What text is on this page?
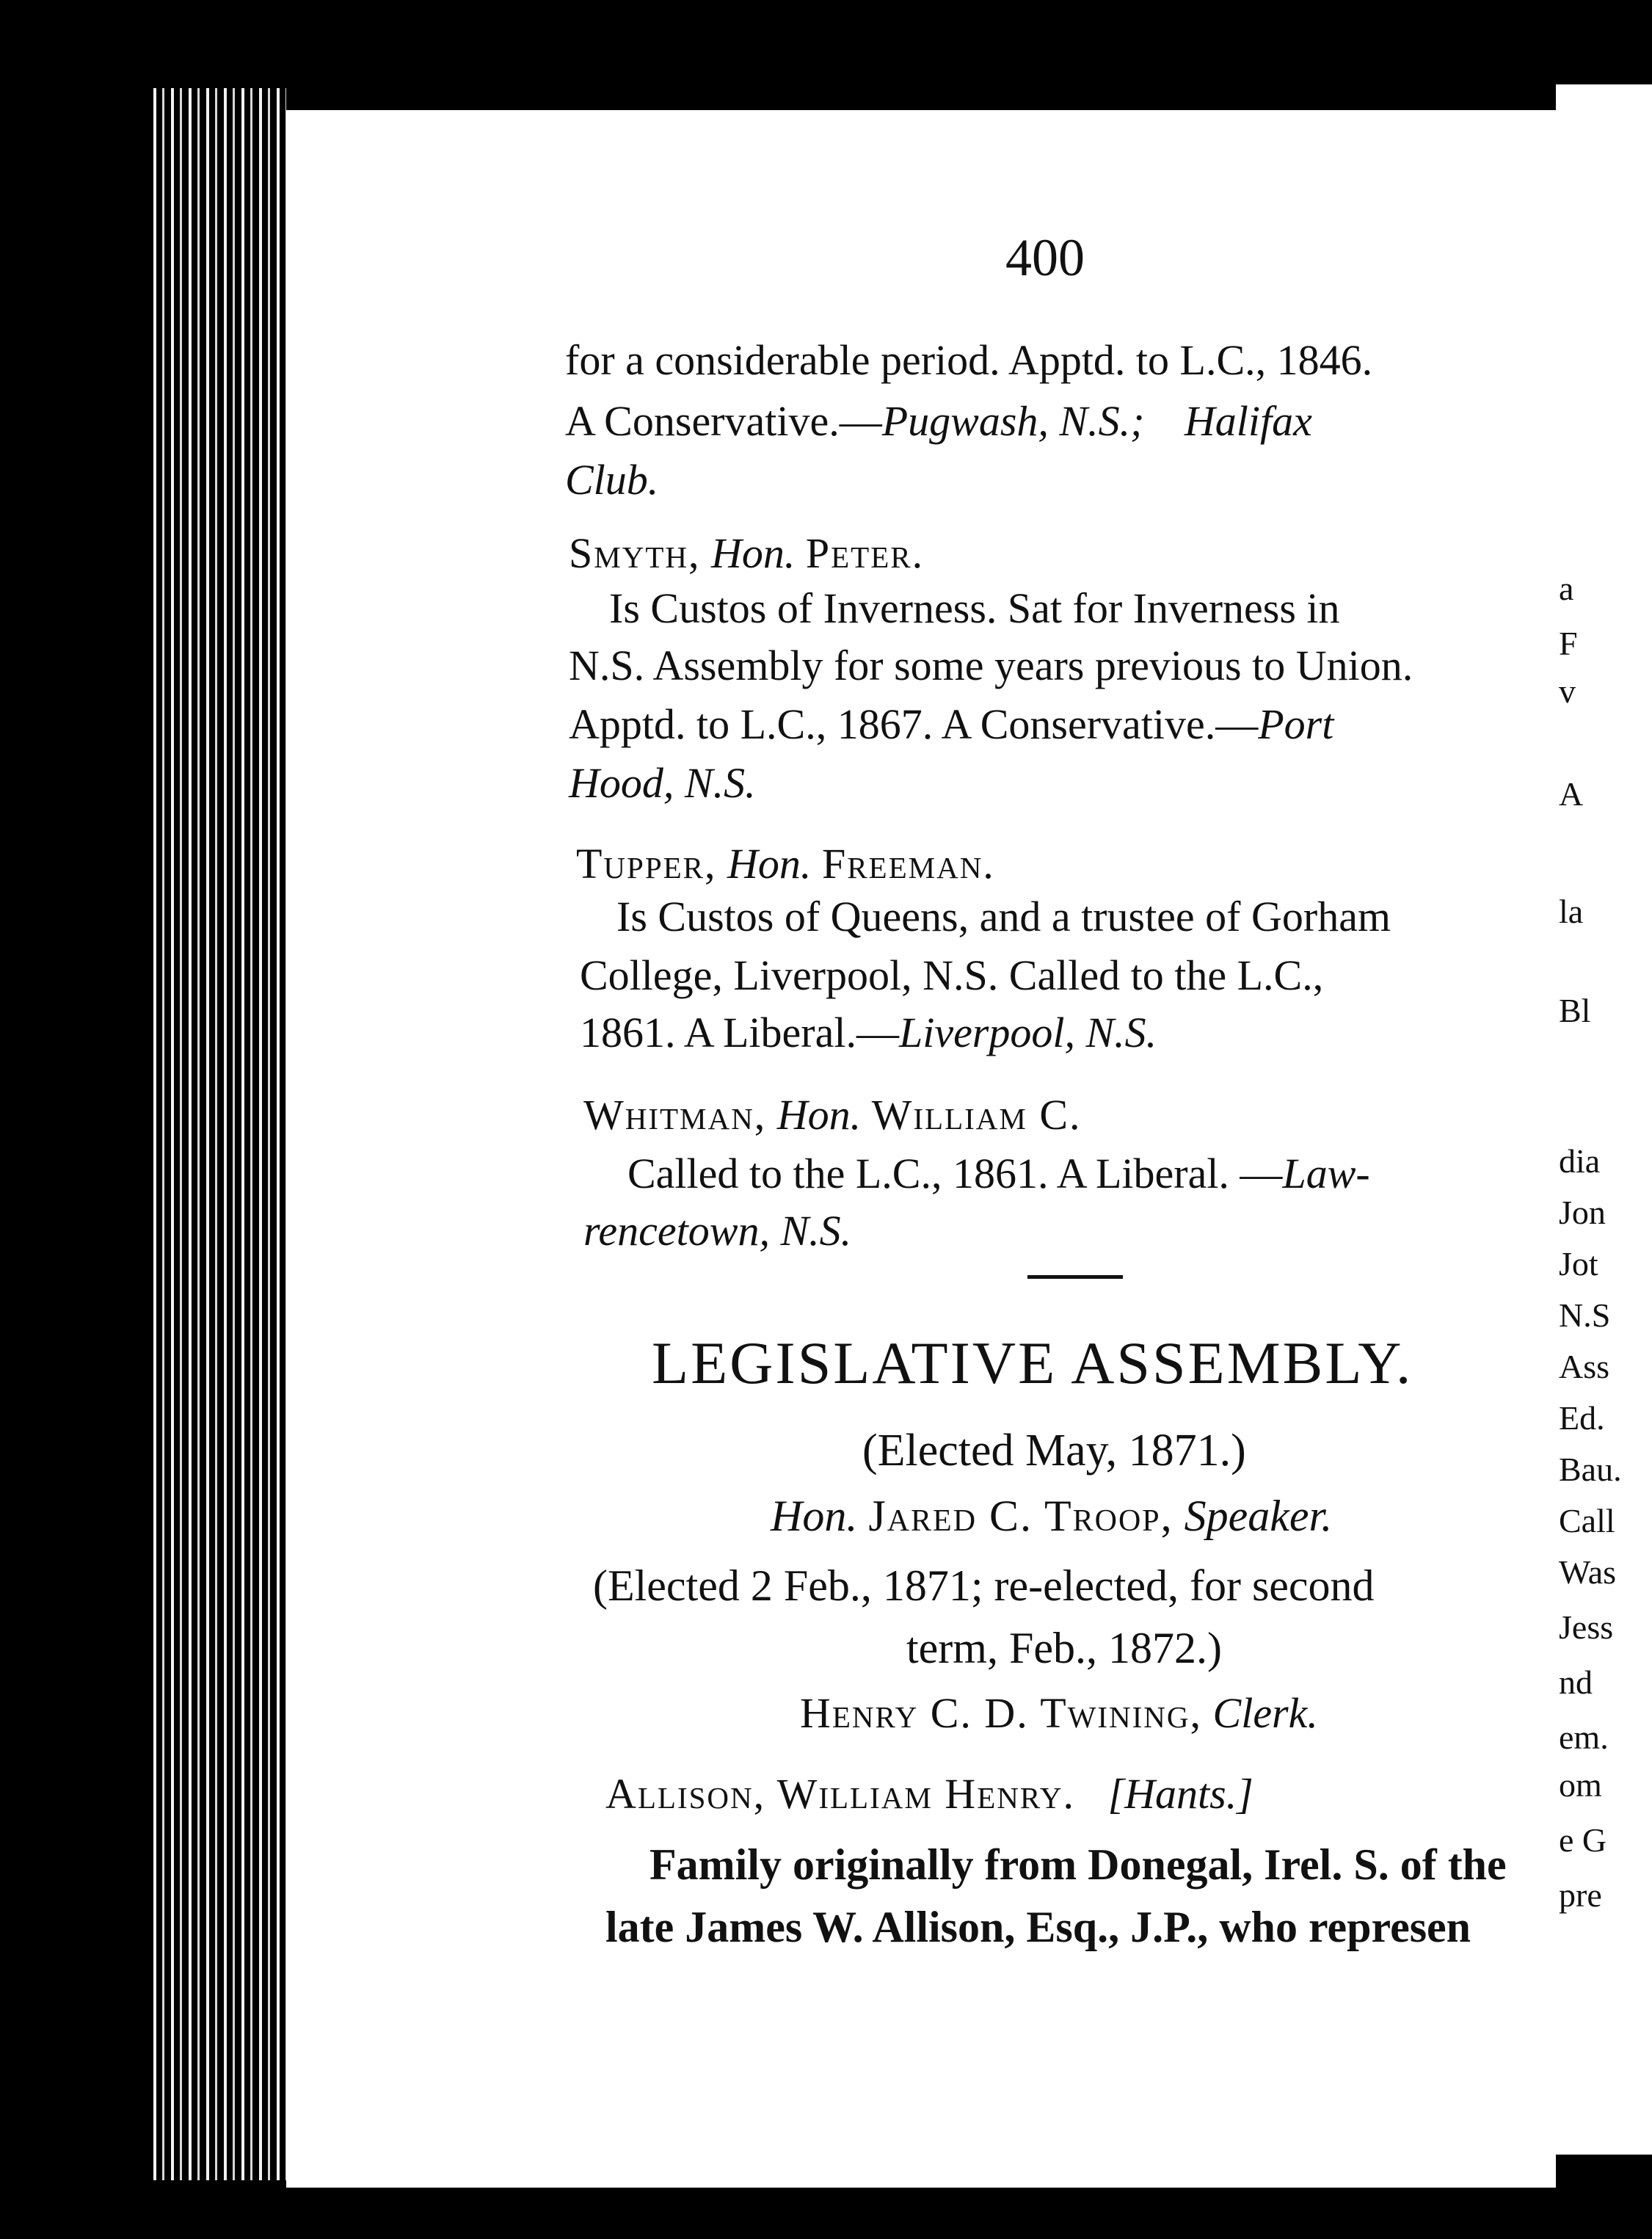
a
F
v
A
la
Bl
dia
Jon
Jot
N.S
Ass
Ed.
Bau.
Call
Was
Jess
nd
em.
om
e G
pre
400
for a considerable period. Apptd. to L.C., 1846.
A Conservative.—Pugwash, N.S.; Halifax
Club.
Smyth, Hon. Peter.
Is Custos of Inverness. Sat for Inverness in
N.S. Assembly for some years previous to Union.
Apptd. to L.C., 1867. A Conservative.—Port
Hood, N.S.
Tupper, Hon. Freeman.
Is Custos of Queens, and a trustee of Gorham
College, Liverpool, N.S. Called to the L.C.,
1861. A Liberal.—Liverpool, N.S.
Whitman, Hon. William C.
Called to the L.C., 1861. A Liberal. —Law-
rencetown, N.S.
LEGISLATIVE ASSEMBLY.
(Elected May, 1871.)
Hon. Jared C. Troop, Speaker.
(Elected 2 Feb., 1871; re-elected, for second
term, Feb., 1872.)
Henry C. D. Twining, Clerk.
Allison, William Henry. [Hants.]
Family originally from Donegal, Irel. S. of the
late James W. Allison, Esq., J.P., who represen
